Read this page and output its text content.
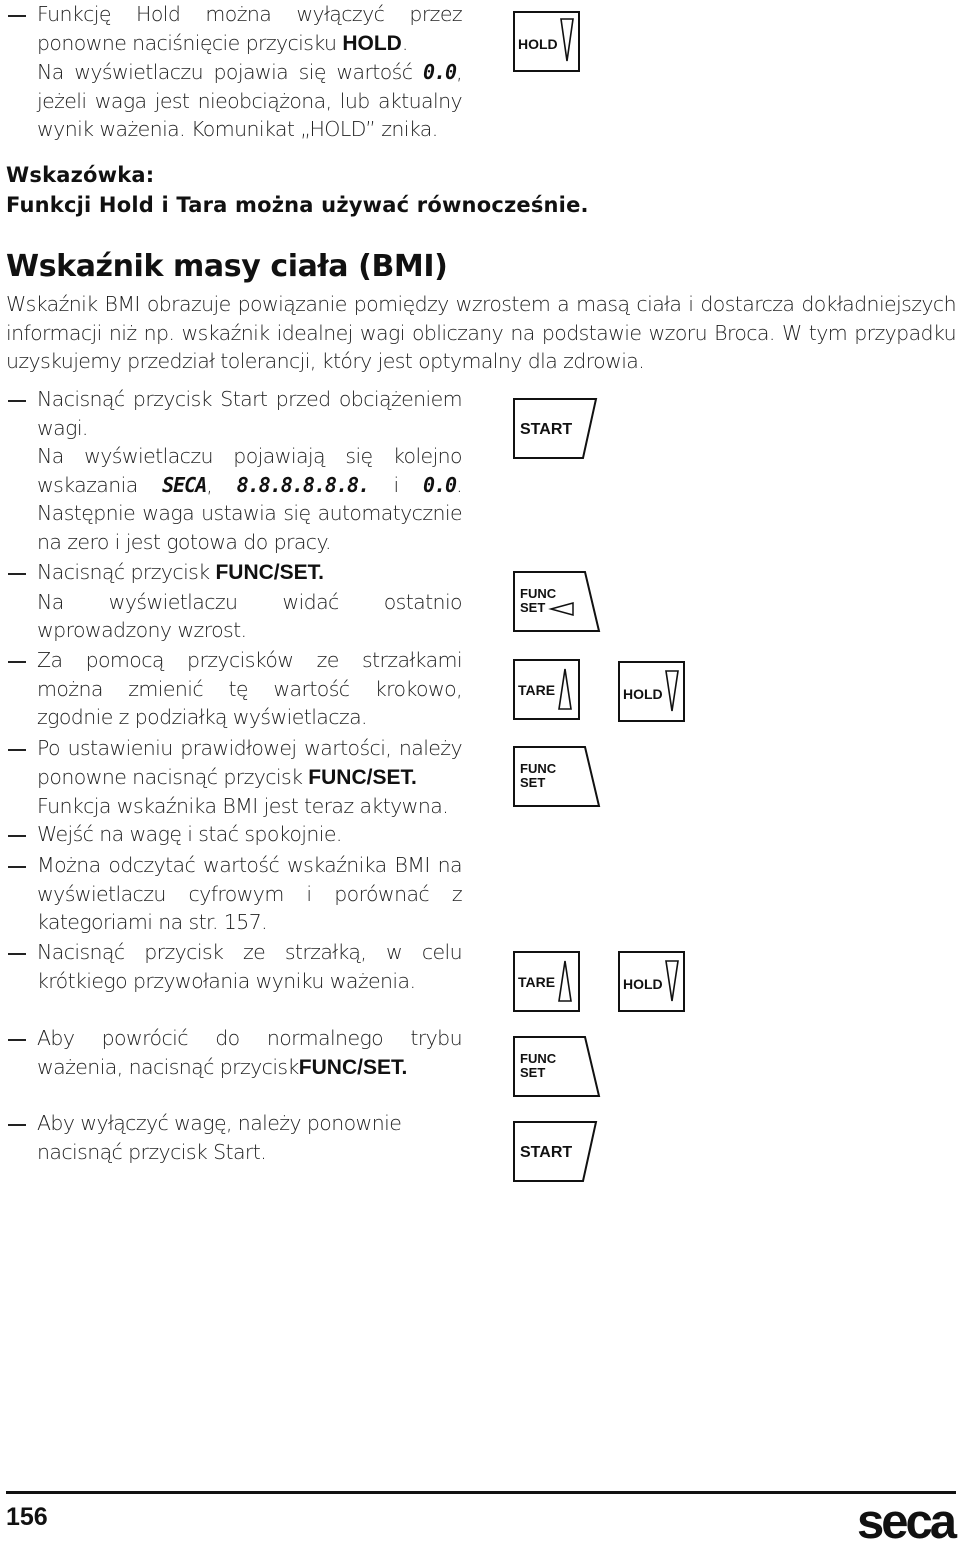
Funkcję Hold można wyłączyć przez ponowne naciśnięcie przycisku HOLD.
Na wyświetlaczu pojawia się wartość 0.0, jeżeli waga jest nieobciążona, lub aktualny wynik ważenia. Komunikat „HOLD” znika.
HOLD
Wskazówka:
Funkcji Hold i Tara można używać równocześnie.
Wskaźnik masy ciała (BMI)
Wskaźnik BMI obrazuje powiązanie pomiędzy wzrostem a masą ciała i dostarcza dokładniejszych informacji niż np. wskaźnik idealnej wagi obliczany na podstawie wzoru Broca. W tym przypadku uzyskujemy przedział tolerancji, który jest optymalny dla zdrowia.
Nacisnąć przycisk Start przed obciążeniem wagi.
Na wyświetlaczu pojawiają się kolejno wskazania SECA, 8.8.8.8.8.8. i 0.0. Następnie waga ustawia się automatycznie na zero i jest gotowa do pracy.
START
Nacisnąć przycisk FUNC/SET.
Na wyświetlaczu widać ostatnio wprowadzony wzrost.
FUNC
SET
Za pomocą przycisków ze strzałkami można zmienić tę wartość krokowo, zgodnie z podziałką wyświetlacza.
TARE	HOLD
Po ustawieniu prawidłowej wartości, należy ponowne nacisnąć przycisk FUNC/SET.
Funkcja wskaźnika BMI jest teraz aktywna.
FUNC
SET
Wejść na wagę i stać spokojnie.
Można odczytać wartość wskaźnika BMI na wyświetlaczu cyfrowym i porównać z kategoriami na str. 157.
Nacisnąć przycisk ze strzałką, w celu krótkiego przywołania wyniku ważenia.	TARE	HOLD
Aby powrócić do normalnego trybu ważenia, nacisnąć przyciskFUNC/SET.	FUNC
SET
Aby wyłączyć wagę, należy ponownie nacisnąć przycisk Start.	START
156	seca
